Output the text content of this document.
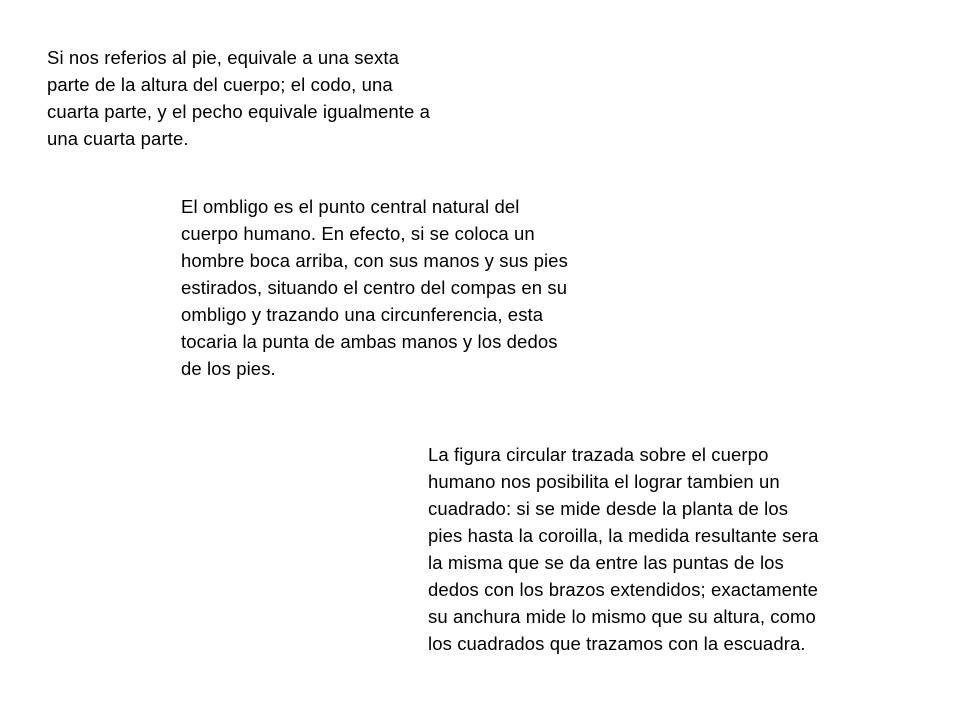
Si nos referios al pie, equivale a una sexta
parte de la altura del cuerpo; el codo, una
cuarta parte, y el pecho equivale igualmente a
una cuarta parte.

El ombligo es el punto central natural del
cuerpo humano. En efecto, si se coloca un
hombre boca arriba, con sus manos y sus pies
estirados, situando el centro del compas en su
ombligo y trazando una circunferencia, esta
tocaria la punta de ambas manos y los dedos
de los pies.

La figura circular trazada sobre el cuerpo
humano nos posibilita el lograr tambien un
cuadrado: si se mide desde la planta de los
pies hasta la coroilla, la medida resultante sera
la misma que se da entre las puntas de los
dedos con los brazos extendidos; exactamente
su anchura mide lo mismo que su altura, como
los cuadrados que trazamos con la escuadra.
